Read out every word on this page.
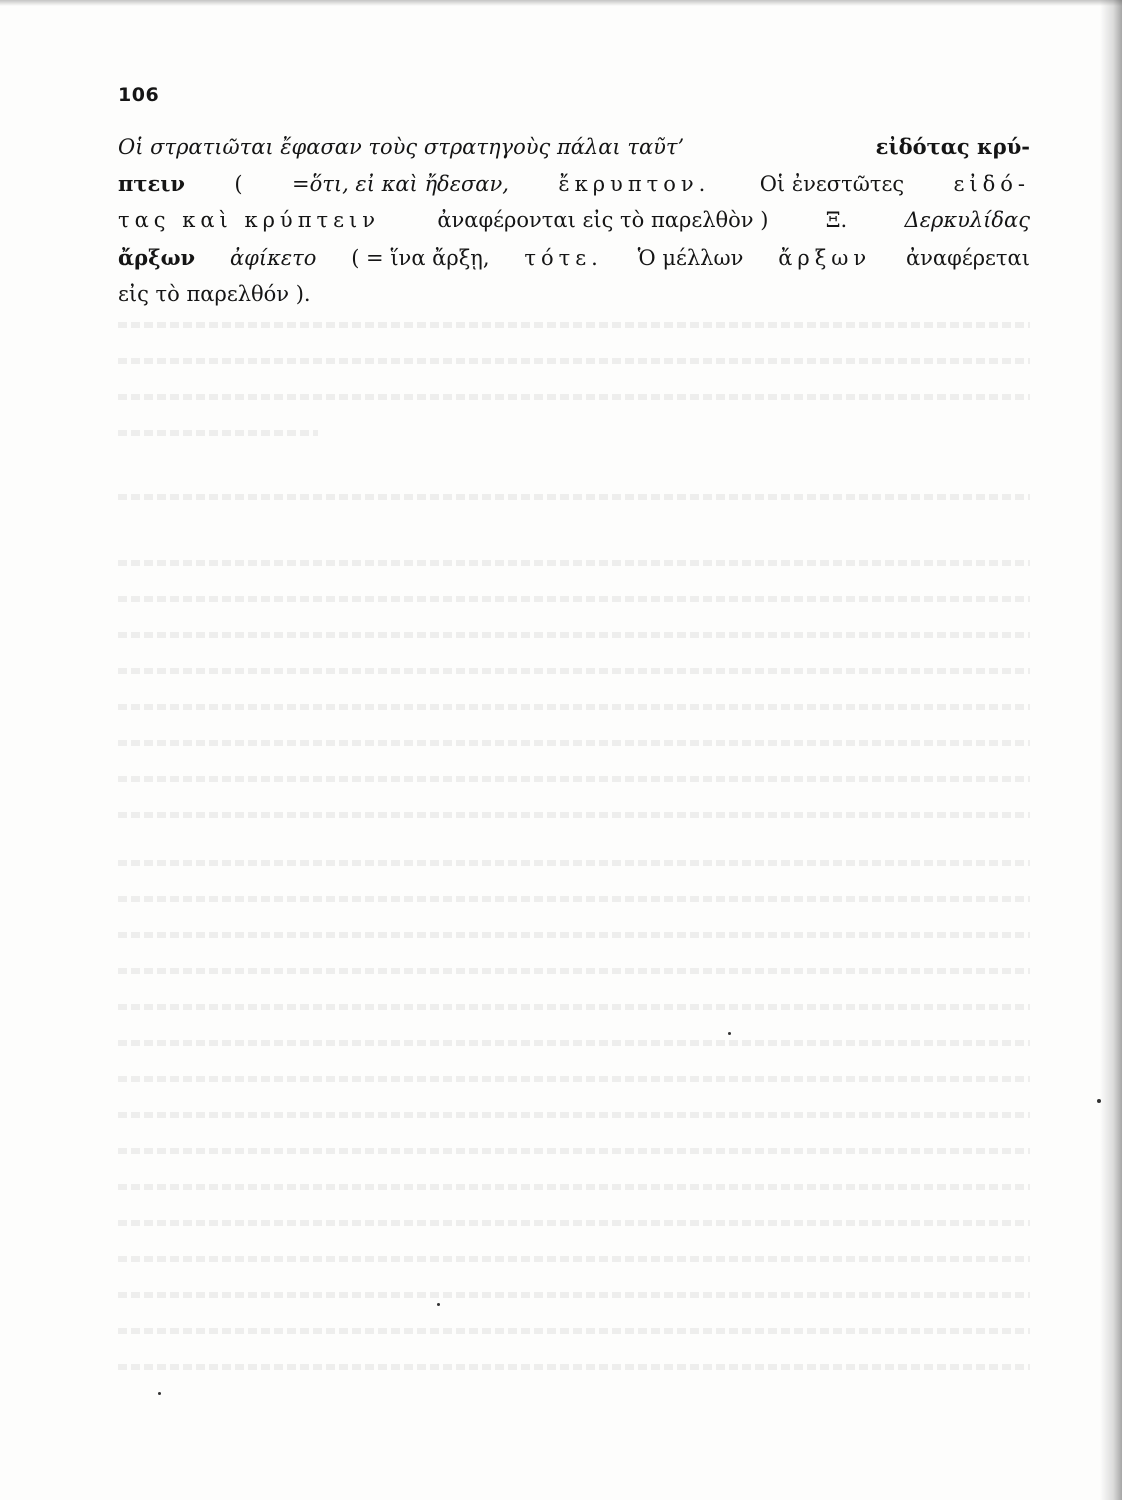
106
Οἱ στρατιῶται ἔφασαν τοὺς στρατηγοὺς πάλαι ταῦτ’	εἰδότας κρύ-
πτειν ( =ὅτι, εἰ καὶ ἤδεσαν, ἔκρυπτον. Οἱ ἐνεστῶτες εἰδό-
τας καὶ κρύπτειν	ἀναφέρονται εἰς τὸ παρελθὸν )	Ξ.	Δερκυλίδας
ἄρξων ἀφίκετο ( = ἵνα ἄρξῃ, τότε. Ὁ μέλλων ἄρξων ἀναφέρεται
εἰς τὸ παρελθόν ).
